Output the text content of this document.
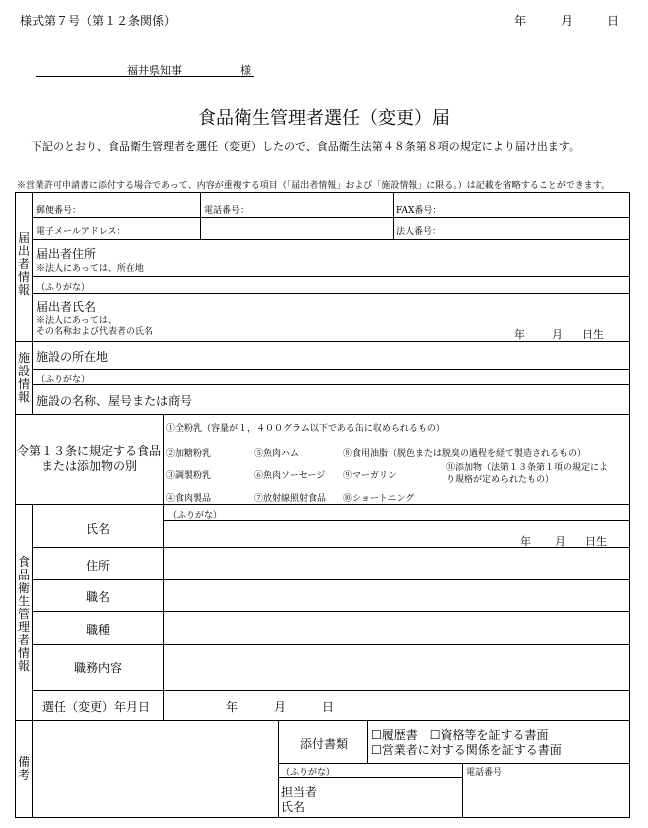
様式第７号（第１２条関係）	年	月	日
福井県知事	様
食品衛生管理者選任（変更）届
下記のとおり、食品衛生管理者を選任（変更）したので、食品衛生法第４８条第８項の規定により届け出ます。
※営業許可申請書に添付する場合であって、内容が重複する項目（「届出者情報」および「施設情報」に限る。）は記載を省略することができます。
届
出
者
情
報
郵便番号：	電話番号：	FAX番号：
電子メールアドレス：	法人番号：
届出者住所
※法人にあっては、所在地
（ふりがな）
届出者氏名
※法人にあっては、
その名称および代表者の氏名	年 月 日生
施
設
情
報
施設の所在地
（ふりがな）
施設の名称、屋号または商号
令第１３条に規定する食品または添加物の別
①全粉乳（容量が１，４００グラム以下である缶に収められるもの）
②加糖粉乳
③調製粉乳
④食肉製品
⑤魚肉ハム
⑥魚肉ソーセージ
⑦放射線照射食品
⑧食用油脂（脱色または脱臭の過程を経て製造されるもの）
⑨マーガリン
⑩ショートニング
⑪添加物（法第１３条第１項の規定により規格が定められたもの）
食
品
衛
生
管
理
者
情
報
（ふりがな）
氏名
年 月 日生
住所
職名
職種
職務内容
選任（変更）年月日	年	月	日
備
考
添付書類
☐履歴書　☐資格等を証する書面
☐営業者に対する関係を証する書面
（ふりがな）	電話番号
担当者
氏名
